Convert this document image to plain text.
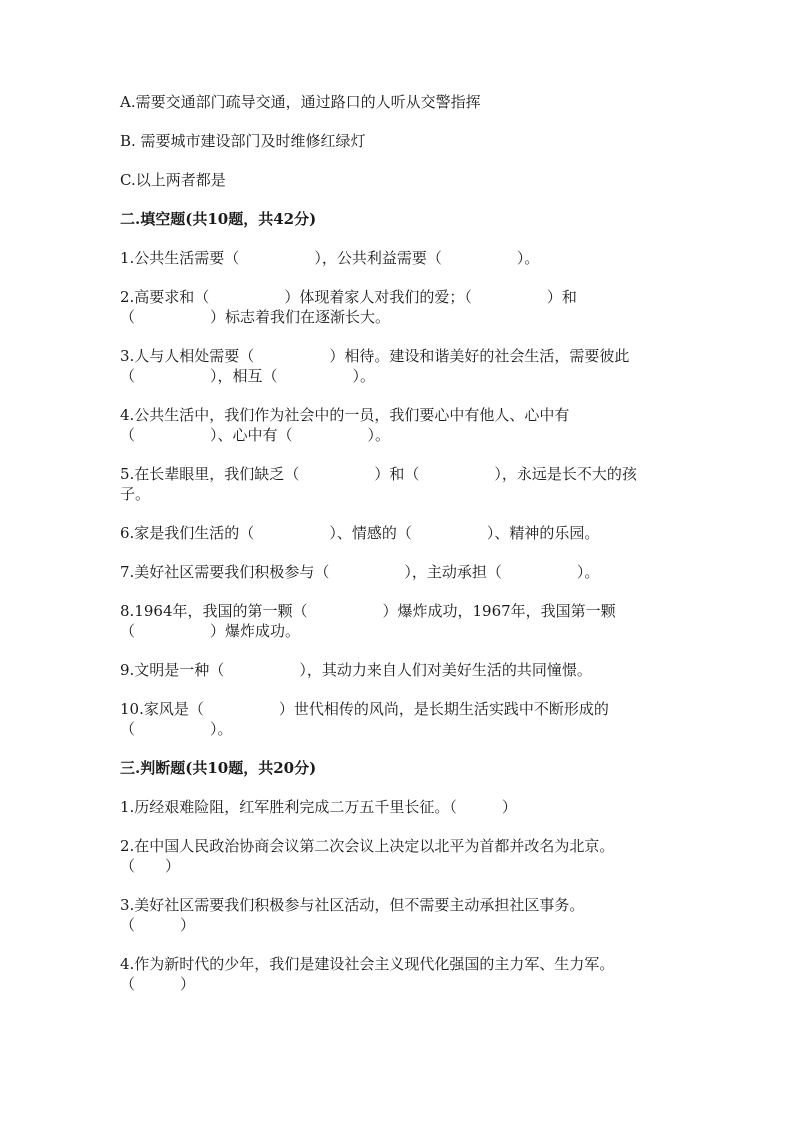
A.需要交通部门疏导交通，通过路口的人听从交警指挥

B. 需要城市建设部门及时维修红绿灯

C.以上两者都是

二.填空题(共10题，共42分)

1.公共生活需要（　　　　　），公共利益需要（　　　　　）。

2.高要求和（　　　　　）体现着家人对我们的爱；（　　　　　）和

（　　　　　）标志着我们在逐渐长大。

3.人与人相处需要（　　　　　）相待。建设和谐美好的社会生活，需要彼此

（　　　　　），相互（　　　　　）。

4.公共生活中，我们作为社会中的一员，我们要心中有他人、心中有

（　　　　　）、心中有（　　　　　）。

5.在长辈眼里，我们缺乏（　　　　　）和（　　　　　），永远是长不大的孩

子。

6.家是我们生活的（　　　　　）、情感的（　　　　　）、精神的乐园。

7.美好社区需要我们积极参与（　　　　　），主动承担（　　　　　）。

8.1964年，我国的第一颗（　　　　　）爆炸成功，1967年，我国第一颗

（　　　　　）爆炸成功。

9.文明是一种（　　　　　），其动力来自人们对美好生活的共同憧憬。

10.家风是（　　　　　）世代相传的风尚，是长期生活实践中不断形成的

（　　　　　）。

三.判断题(共10题，共20分)

1.历经艰难险阻，红军胜利完成二万五千里长征。（　　　）

2.在中国人民政治协商会议第二次会议上决定以北平为首都并改名为北京。

（　　）

3.美好社区需要我们积极参与社区活动，但不需要主动承担社区事务。

（　　　）

4.作为新时代的少年，我们是建设社会主义现代化强国的主力军、生力军。

（　　　）
